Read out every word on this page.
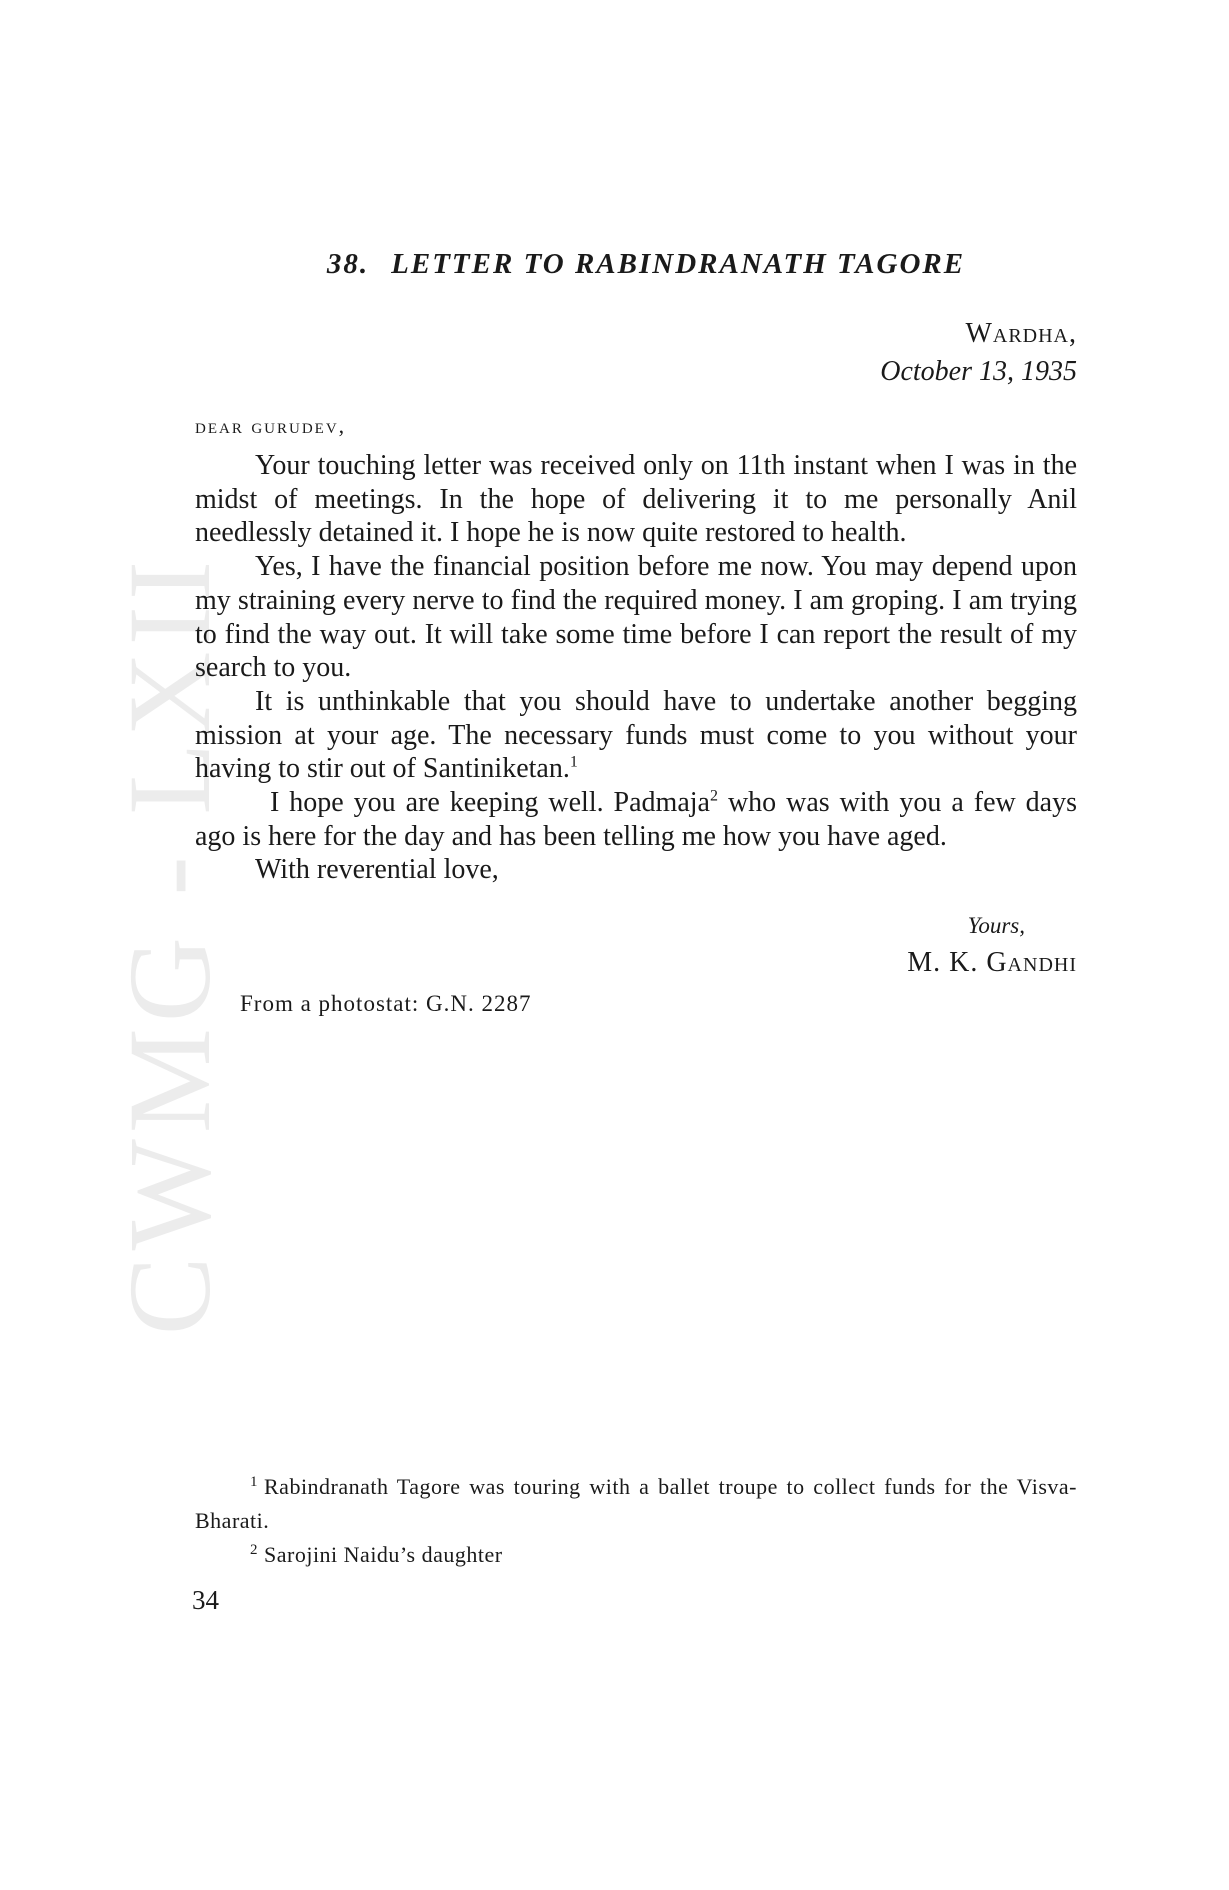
CWMG - LXII
38. LETTER TO RABINDRANATH TAGORE
Wardha,
October 13, 1935
dear gurudev,

Your touching letter was received only on 11th instant when I was in the midst of meetings. In the hope of delivering it to me personally Anil needlessly detained it. I hope he is now quite restored to health.

Yes, I have the financial position before me now. You may depend upon my straining every nerve to find the required money. I am groping. I am trying to find the way out. It will take some time before I can report the result of my search to you.

It is unthinkable that you should have to undertake another begging mission at your age. The necessary funds must come to you without your having to stir out of Santiniketan.$^1$

I hope you are keeping well. Padmaja$^2$ who was with you a few days ago is here for the day and has been telling me how you have aged.

With reverential love,

Yours,
M. K. Gandhi
From a photostat: G.N. 2287

$^1$ Rabindranath Tagore was touring with a ballet troupe to collect funds for the Visva-Bharati.

$^2$ Sarojini Naidu’s daughter

34
